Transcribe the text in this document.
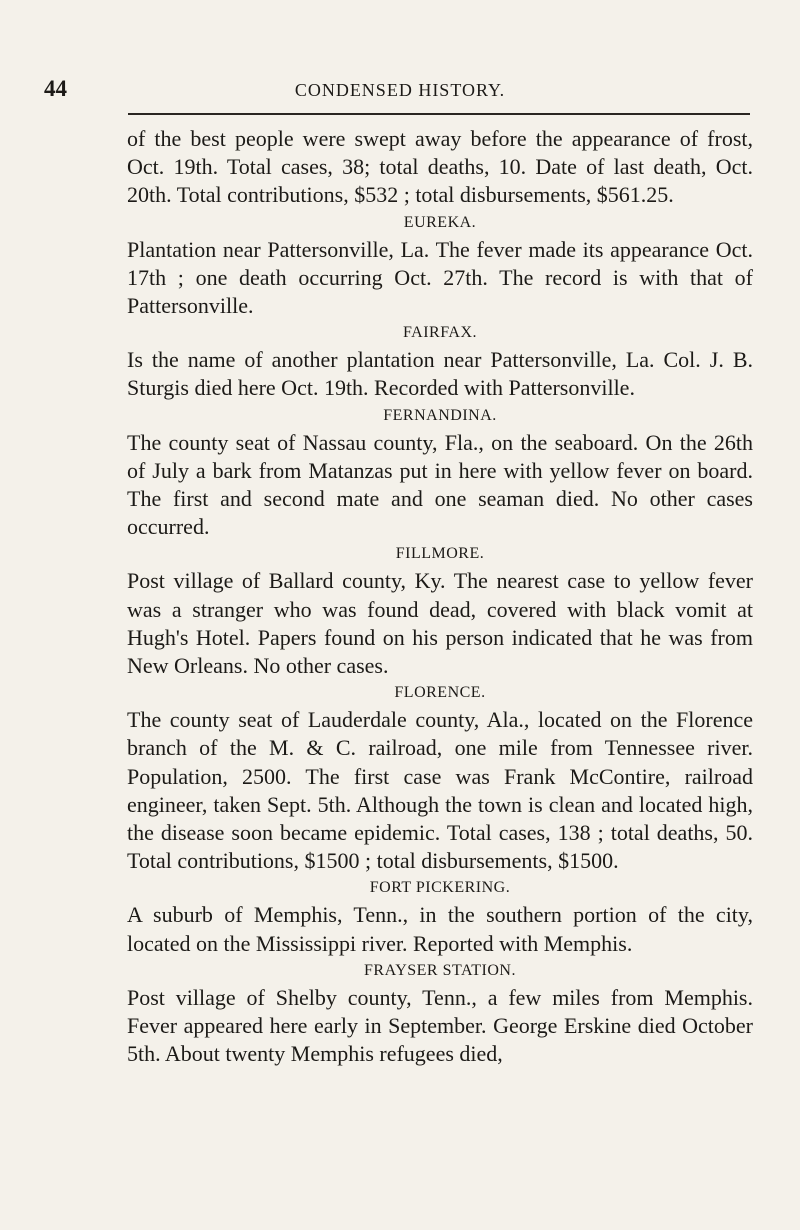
44	CONDENSED HISTORY.

of the best people were swept away before the appearance of frost, Oct. 19th. Total cases, 38; total deaths, 10. Date of last death, Oct. 20th. Total contributions, $532 ; total disbursements, $561.25.

EUREKA.

Plantation near Pattersonville, La. The fever made its appearance Oct. 17th ; one death occurring Oct. 27th. The record is with that of Pattersonville.

FAIRFAX.

Is the name of another plantation near Pattersonville, La. Col. J. B. Sturgis died here Oct. 19th. Recorded with Pattersonville.

FERNANDINA.

The county seat of Nassau county, Fla., on the seaboard. On the 26th of July a bark from Matanzas put in here with yellow fever on board. The first and second mate and one seaman died. No other cases occurred.

FILLMORE.

Post village of Ballard county, Ky. The nearest case to yellow fever was a stranger who was found dead, covered with black vomit at Hugh's Hotel. Papers found on his person indicated that he was from New Orleans. No other cases.

FLORENCE.

The county seat of Lauderdale county, Ala., located on the Florence branch of the M. & C. railroad, one mile from Tennessee river. Population, 2500. The first case was Frank McContire, railroad engineer, taken Sept. 5th. Although the town is clean and located high, the disease soon became epidemic. Total cases, 138 ; total deaths, 50. Total contributions, $1500 ; total disbursements, $1500.

FORT PICKERING.

A suburb of Memphis, Tenn., in the southern portion of the city, located on the Mississippi river. Reported with Memphis.

FRAYSER STATION.

Post village of Shelby county, Tenn., a few miles from Memphis. Fever appeared here early in September. George Erskine died October 5th. About twenty Memphis refugees died,
